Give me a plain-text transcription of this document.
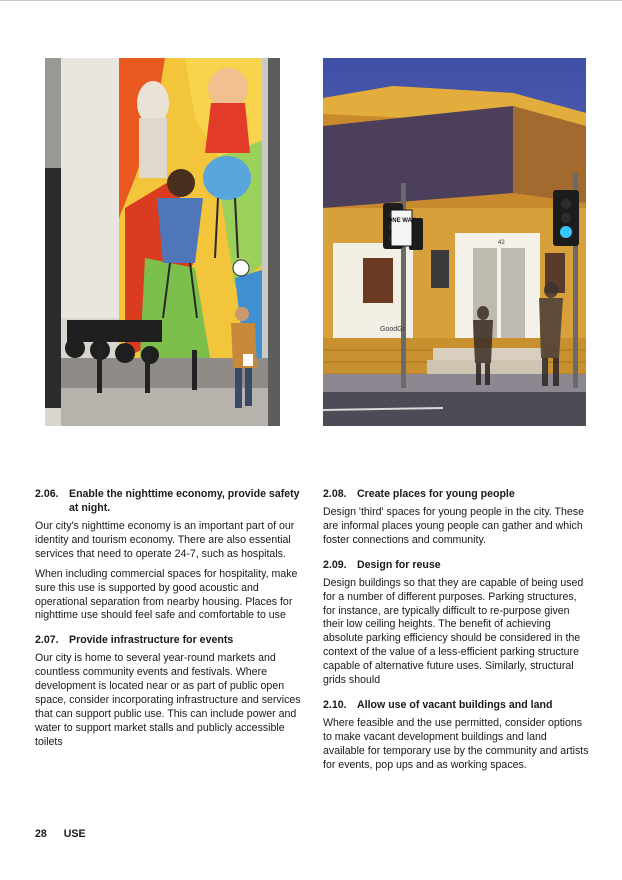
ONE WAY
GoodGr
42
2.06. Enable the nighttime economy, provide safety at night.

Our city's nighttime economy is an important part of our identity and tourism economy. There are also essential services that need to operate 24-7, such as hospitals.

When including commercial spaces for hospitality, make sure this use is supported by good acoustic and operational separation from nearby housing. Places for nighttime use should feel safe and comfortable to use

2.07. Provide infrastructure for events

Our city is home to several year-round markets and countless community events and festivals. Where development is located near or as part of public open space, consider incorporating infrastructure and services that can support public use. This can include power and water to support market stalls and publicly accessible toilets

2.08. Create places for young people

Design 'third' spaces for young people in the city. These are informal places young people can gather and which foster connections and community.

2.09. Design for reuse

Design buildings so that they are capable of being used for a number of different purposes. Parking structures, for instance, are typically difficult to re-purpose given their low ceiling heights. The benefit of achieving absolute parking efficiency should be considered in the context of the value of a less-efficient parking structure capable of alternative future uses. Similarly, structural grids should

2.10. Allow use of vacant buildings and land

Where feasible and the use permitted, consider options to make vacant development buildings and land available for temporary use by the community and artists for events, pop ups and as working spaces.

28 USE
